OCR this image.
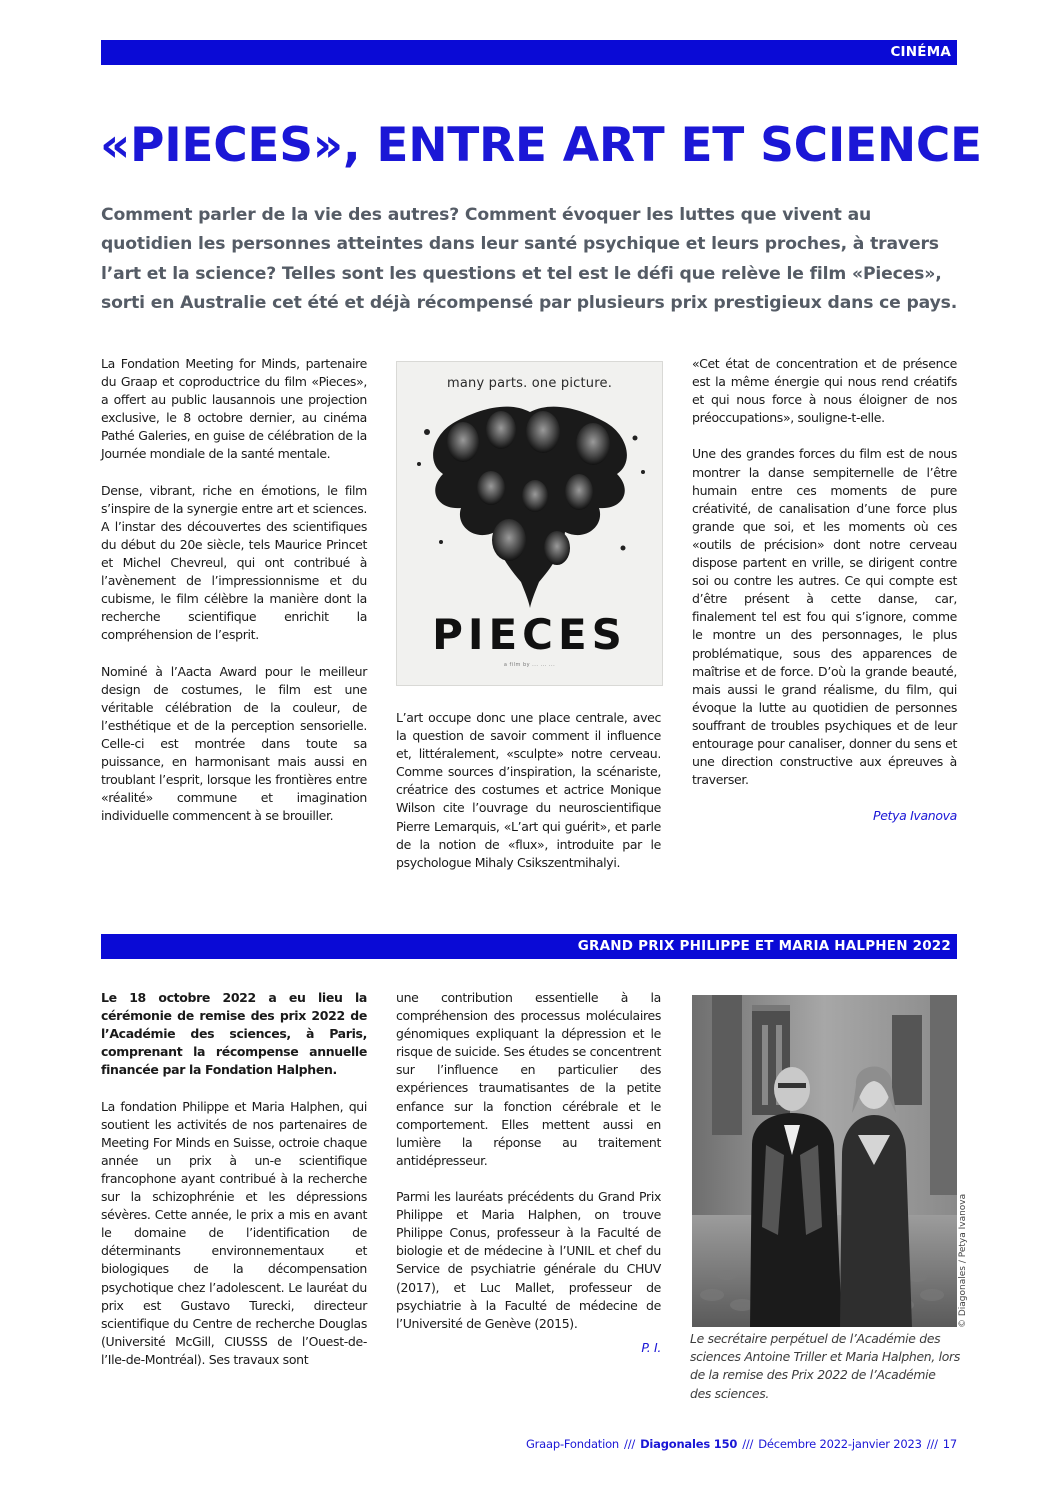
CINÉMA
«PIECES», ENTRE ART ET SCIENCE

Comment parler de la vie des autres? Comment évoquer les luttes que vivent au quotidien les personnes atteintes dans leur santé psychique et leurs proches, à travers l’art et la science? Telles sont les questions et tel est le défi que relève le film «Pieces», sorti en Australie cet été et déjà récompensé par plusieurs prix prestigieux dans ce pays.

La Fondation Meeting for Minds, partenaire du Graap et coproductrice du film «Pieces», a offert au public lausannois une projection exclusive, le 8 octobre dernier, au cinéma Pathé Galeries, en guise de célébration de la Journée mondiale de la santé mentale.

Dense, vibrant, riche en émotions, le film s’inspire de la synergie entre art et sciences. A l’instar des découvertes des scientifiques du début du 20e siècle, tels Maurice Princet et Michel Chevreul, qui ont contribué à l’avènement de l’impressionnisme et du cubisme, le film célèbre la manière dont la recherche scientifique enrichit la compréhension de l’esprit.

Nominé à l’Aacta Award pour le meilleur design de costumes, le film est une véritable célébration de la couleur, de l’esthétique et de la perception sensorielle. Celle-ci est montrée dans toute sa puissance, en harmonisant mais aussi en troublant l’esprit, lorsque les frontières entre «réalité» commune et imagination individuelle commencent à se brouiller.

many parts. one picture.
PIECES
a film by ... ... ...

L’art occupe donc une place centrale, avec la question de savoir comment il influence et, littéralement, «sculpte» notre cerveau. Comme sources d’inspiration, la scénariste, créatrice des costumes et actrice Monique Wilson cite l’ouvrage du neuroscientifique Pierre Lemarquis, «L’art qui guérit», et parle de la notion de «flux», introduite par le psychologue Mihaly Csikszentmihalyi.

«Cet état de concentration et de présence est la même énergie qui nous rend créatifs et qui nous force à nous éloigner de nos préoccupations», souligne-t-elle.

Une des grandes forces du film est de nous montrer la danse sempiternelle de l’être humain entre ces moments de pure créativité, de canalisation d’une force plus grande que soi, et les moments où ces «outils de précision» dont notre cerveau dispose partent en vrille, se dirigent contre soi ou contre les autres. Ce qui compte est d’être présent à cette danse, car, finalement tel est fou qui s’ignore, comme le montre un des personnages, le plus problématique, sous des apparences de maîtrise et de force. D’où la grande beauté, mais aussi le grand réalisme, du film, qui évoque la lutte au quotidien de personnes souffrant de troubles psychiques et de leur entourage pour canaliser, donner du sens et une direction constructive aux épreuves à traverser.

Petya Ivanova

GRAND PRIX PHILIPPE ET MARIA HALPHEN 2022

Le 18 octobre 2022 a eu lieu la cérémonie de remise des prix 2022 de l’Académie des sciences, à Paris, comprenant la récompense annuelle financée par la Fondation Halphen.

La fondation Philippe et Maria Halphen, qui soutient les activités de nos partenaires de Meeting For Minds en Suisse, octroie chaque année un prix à un-e scientifique francophone ayant contribué à la recherche sur la schizophrénie et les dépressions sévères. Cette année, le prix a mis en avant le domaine de l’identification de déterminants environnementaux et biologiques de la décompensation psychotique chez l’adolescent. Le lauréat du prix est Gustavo Turecki, directeur scientifique du Centre de recherche Douglas (Université McGill, CIUSSS de l’Ouest-de-l’Ile-de-Montréal). Ses travaux sont

une contribution essentielle à la compréhension des processus moléculaires génomiques expliquant la dépression et le risque de suicide. Ses études se concentrent sur l’influence en particulier des expériences traumatisantes de la petite enfance sur la fonction cérébrale et le comportement. Elles mettent aussi en lumière la réponse au traitement antidépresseur.

Parmi les lauréats précédents du Grand Prix Philippe et Maria Halphen, on trouve Philippe Conus, professeur à la Faculté de biologie et de médecine à l’UNIL et chef du Service de psychiatrie générale du CHUV (2017), et Luc Mallet, professeur de psychiatrie à la Faculté de médecine de l’Université de Genève (2015).

P. I.

© Diagonales / Petya Ivanova

Le secrétaire perpétuel de l’Académie des sciences Antoine Triller et Maria Halphen, lors de la remise des Prix 2022 de l’Académie des sciences.

Graap-Fondation /// Diagonales 150 /// Décembre 2022-janvier 2023 /// 17
